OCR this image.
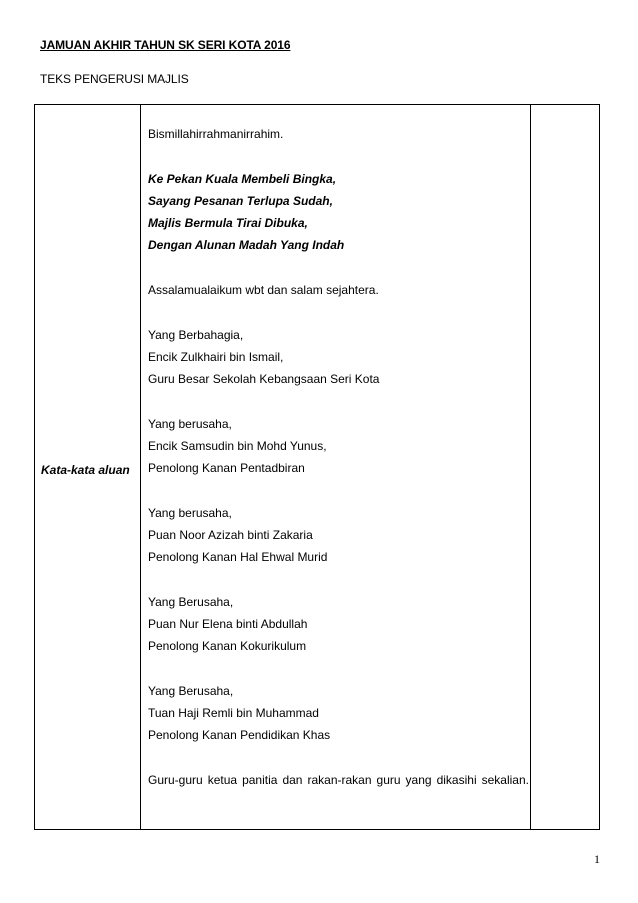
JAMUAN AKHIR TAHUN SK SERI KOTA 2016
TEKS PENGERUSI MAJLIS
Kata-kata aluan
Bismillahirrahmanirrahim.
Ke Pekan Kuala Membeli Bingka,
Sayang Pesanan Terlupa Sudah,
Majlis Bermula Tirai Dibuka,
Dengan Alunan Madah Yang Indah
Assalamualaikum wbt dan salam sejahtera.
Yang Berbahagia,
Encik Zulkhairi bin Ismail,
Guru Besar Sekolah Kebangsaan Seri Kota
Yang berusaha,
Encik Samsudin bin Mohd Yunus,
Penolong Kanan Pentadbiran
Yang berusaha,
Puan Noor Azizah binti Zakaria
Penolong Kanan Hal Ehwal Murid
Yang Berusaha,
Puan Nur Elena binti Abdullah
Penolong Kanan Kokurikulum
Yang Berusaha,
Tuan Haji Remli bin Muhammad
Penolong Kanan Pendidikan Khas
Guru-guru ketua panitia dan rakan-rakan guru yang dikasihi sekalian.
1
